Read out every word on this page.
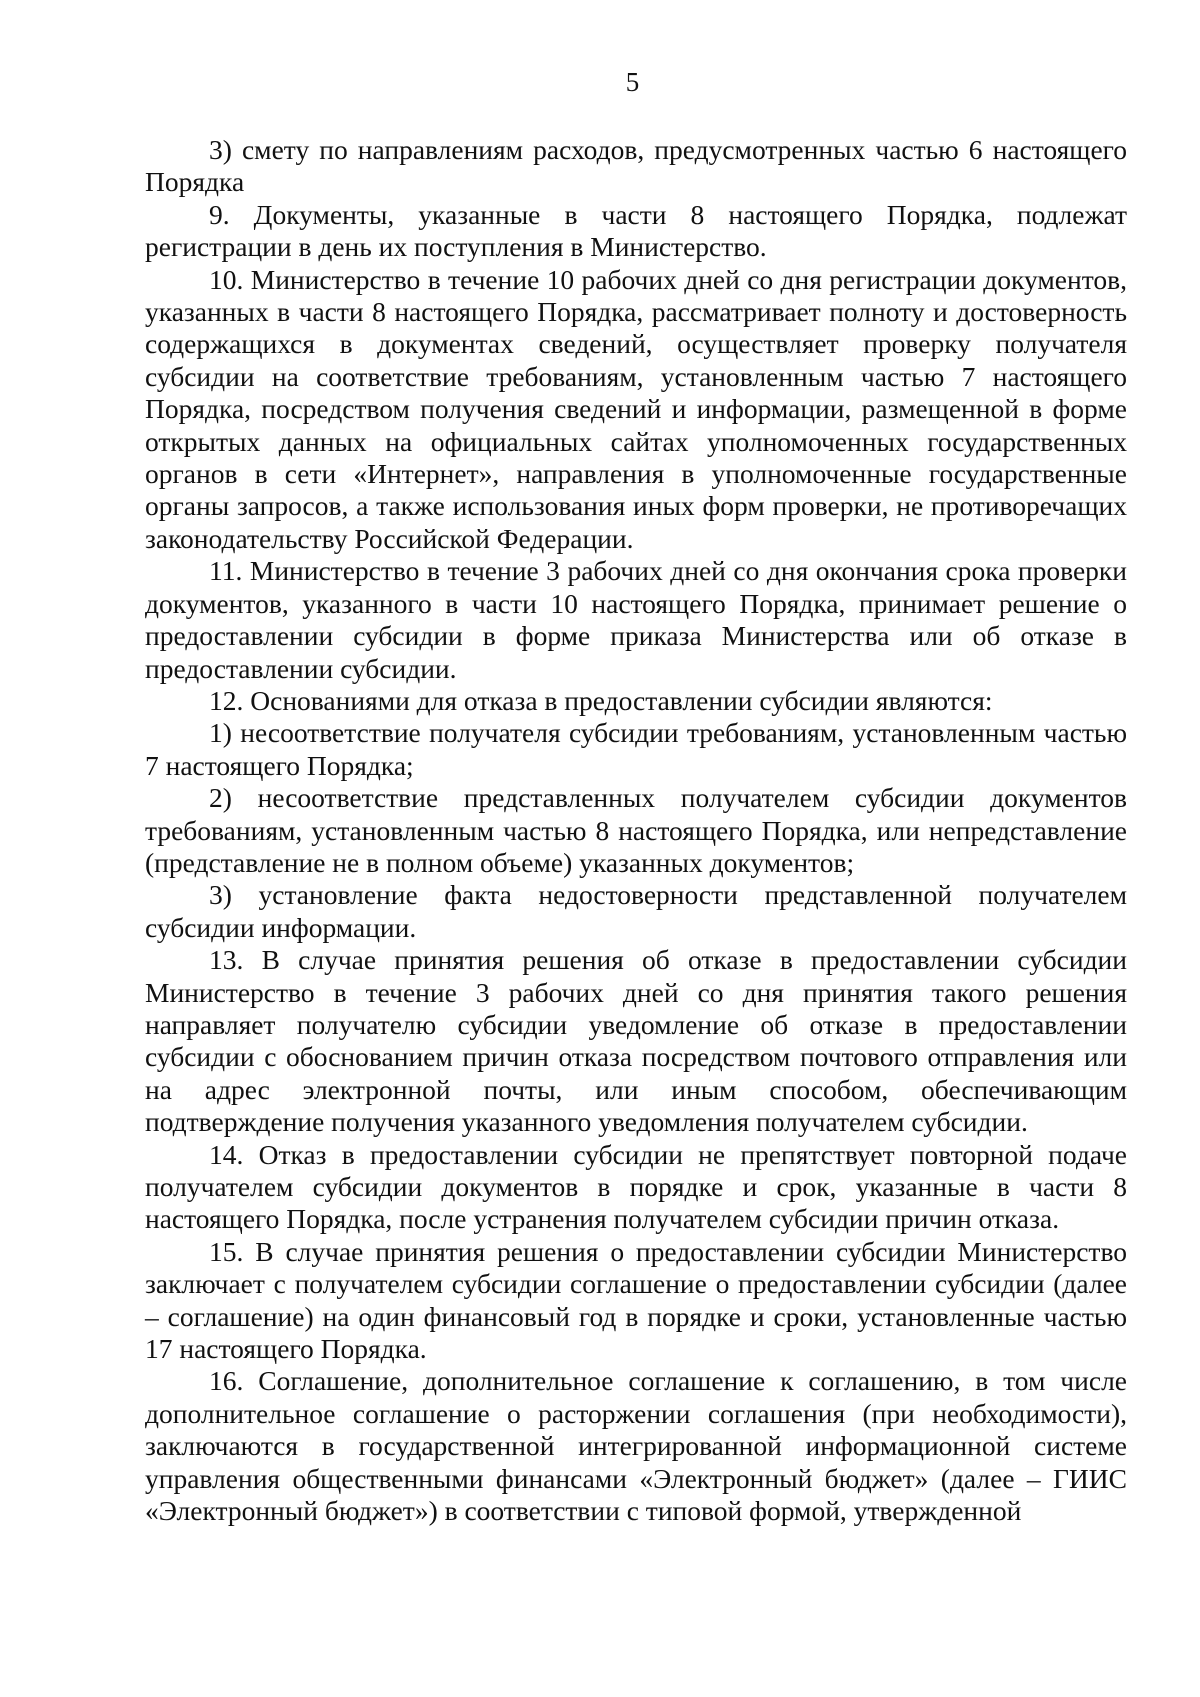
5

3) смету по направлениям расходов, предусмотренных частью 6 настоящего Порядка

9. Документы, указанные в части 8 настоящего Порядка, подлежат регистрации в день их поступления в Министерство.

10. Министерство в течение 10 рабочих дней со дня регистрации документов, указанных в части 8 настоящего Порядка, рассматривает полноту и достоверность содержащихся в документах сведений, осуществляет проверку получателя субсидии на соответствие требованиям, установленным частью 7 настоящего Порядка, посредством получения сведений и информации, размещенной в форме открытых данных на официальных сайтах уполномоченных государственных органов в сети «Интернет», направления в уполномоченные государственные органы запросов, а также использования иных форм проверки, не противоречащих законодательству Российской Федерации.

11. Министерство в течение 3 рабочих дней со дня окончания срока проверки документов, указанного в части 10 настоящего Порядка, принимает решение о предоставлении субсидии в форме приказа Министерства или об отказе в предоставлении субсидии.

12. Основаниями для отказа в предоставлении субсидии являются:

1) несоответствие получателя субсидии требованиям, установленным частью 7 настоящего Порядка;

2) несоответствие представленных получателем субсидии документов требованиям, установленным частью 8 настоящего Порядка, или непредставление (представление не в полном объеме) указанных документов;

3) установление факта недостоверности представленной получателем субсидии информации.

13. В случае принятия решения об отказе в предоставлении субсидии Министерство в течение 3 рабочих дней со дня принятия такого решения направляет получателю субсидии уведомление об отказе в предоставлении субсидии с обоснованием причин отказа посредством почтового отправления или на адрес электронной почты, или иным способом, обеспечивающим подтверждение получения указанного уведомления получателем субсидии.

14. Отказ в предоставлении субсидии не препятствует повторной подаче получателем субсидии документов в порядке и срок, указанные в части 8 настоящего Порядка, после устранения получателем субсидии причин отказа.

15. В случае принятия решения о предоставлении субсидии Министерство заключает с получателем субсидии соглашение о предоставлении субсидии (далее – соглашение) на один финансовый год в порядке и сроки, установленные частью 17 настоящего Порядка.

16. Соглашение, дополнительное соглашение к соглашению, в том числе дополнительное соглашение о расторжении соглашения (при необходимости), заключаются в государственной интегрированной информационной системе управления общественными финансами «Электронный бюджет» (далее – ГИИС «Электронный бюджет») в соответствии с типовой формой, утвержденной
